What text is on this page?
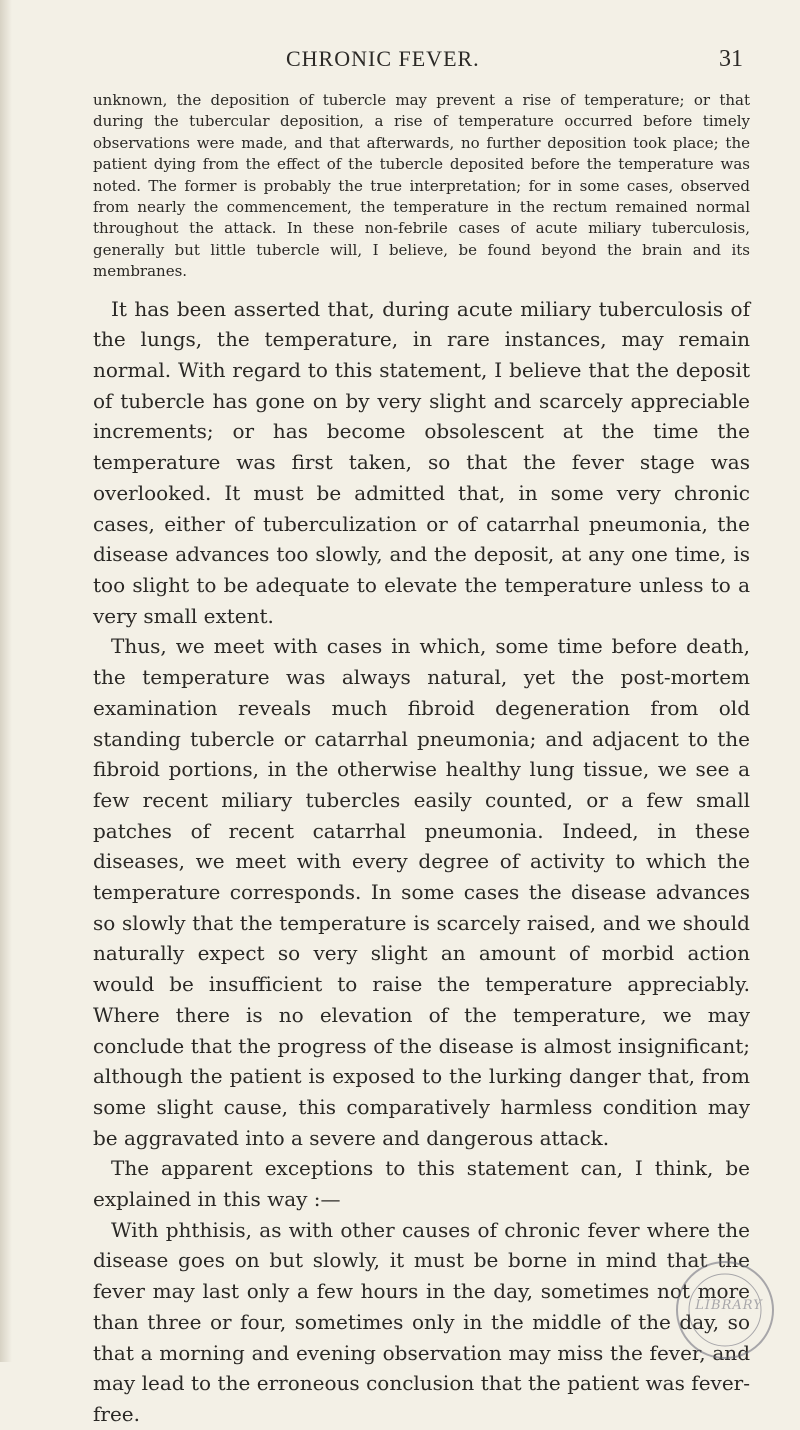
CHRONIC FEVER.	31

unknown, the deposition of tubercle may prevent a rise of temperature; or that during the tubercular deposition, a rise of temperature occurred before timely observations were made, and that afterwards, no further deposition took place; the patient dying from the effect of the tubercle deposited before the temperature was noted. The former is probably the true interpretation; for in some cases, observed from nearly the commencement, the temperature in the rectum remained normal throughout the attack. In these non-febrile cases of acute miliary tuberculosis, generally but little tubercle will, I believe, be found beyond the brain and its membranes.

It has been asserted that, during acute miliary tuberculosis of the lungs, the temperature, in rare instances, may remain normal. With regard to this statement, I believe that the deposit of tubercle has gone on by very slight and scarcely appreciable increments; or has become obsolescent at the time the temperature was first taken, so that the fever stage was overlooked. It must be admitted that, in some very chronic cases, either of tuberculization or of catarrhal pneumonia, the disease advances too slowly, and the deposit, at any one time, is too slight to be adequate to elevate the temperature unless to a very small extent.

Thus, we meet with cases in which, some time before death, the temperature was always natural, yet the post-mortem examination reveals much fibroid degeneration from old standing tubercle or catarrhal pneumonia; and adjacent to the fibroid portions, in the otherwise healthy lung tissue, we see a few recent miliary tubercles easily counted, or a few small patches of recent catarrhal pneumonia. Indeed, in these diseases, we meet with every degree of activity to which the temperature corresponds. In some cases the disease advances so slowly that the temperature is scarcely raised, and we should naturally expect so very slight an amount of morbid action would be insufficient to raise the temperature appreciably. Where there is no elevation of the temperature, we may conclude that the progress of the disease is almost insignificant; although the patient is exposed to the lurking danger that, from some slight cause, this comparatively harmless condition may be aggravated into a severe and dangerous attack.

The apparent exceptions to this statement can, I think, be explained in this way :—

With phthisis, as with other causes of chronic fever where the disease goes on but slowly, it must be borne in mind that the fever may last only a few hours in the day, sometimes not more than three or four, sometimes only in the middle of the day, so that a morning and evening observation may miss the fever, and may lead to the erroneous conclusion that the patient was fever-free.

LIBRARY
